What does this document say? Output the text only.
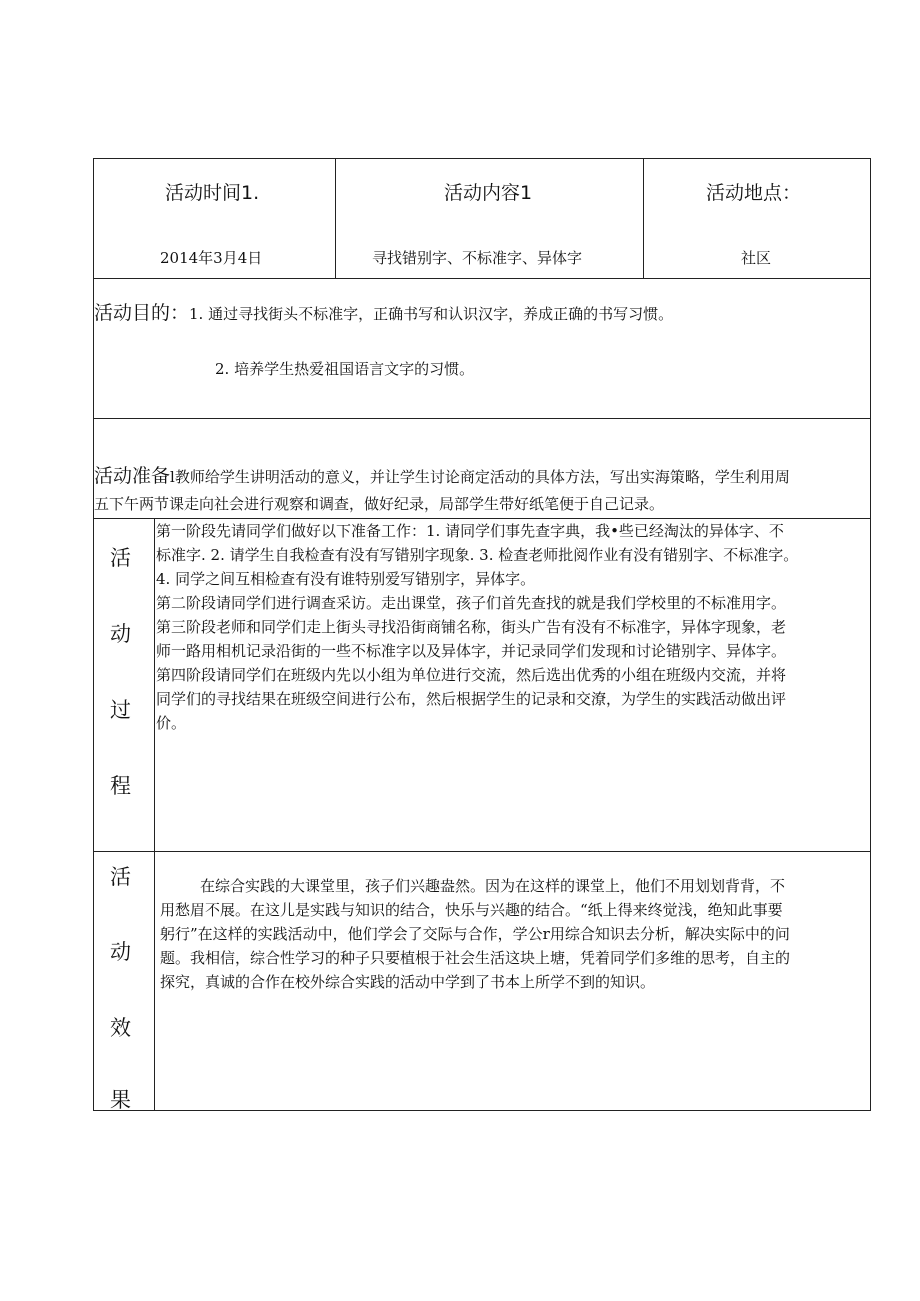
活动时间1.	活动内容1	活动地点：
2014年3月4日	寻找错别字、不标准字、异体字	社区
活动目的：1. 通过寻找街头不标准字，正确书写和认识汉字，养成正确的书写习惯。
2. 培养学生热爱祖国语言文字的习惯。
活动准备l教师给学生讲明活动的意义，并让学生讨论商定活动的具体方法，写出实海策略，学生利用周
五下午两节课走向社会进行观察和调查，做好纪录，局部学生带好纸笔便于自己记录。
活
动
过
程
第一阶段先请同学们做好以下准备工作：1. 请同学们事先查字典，我•些已经淘汰的异体字、不
标准字. 2. 请学生自我检查有没有写错别字现象. 3. 检查老师批阅作业有没有错别字、不标准字。
4. 同学之间互相检查有没有谁特别爱写错别字，异体字。
第二阶段请同学们进行调查采访。走出课堂，孩子们首先查找的就是我们学校里的不标准用字。
第三阶段老师和同学们走上街头寻找沿街商铺名称，街头广告有没有不标准字，异体字现象，老
师一路用相机记录沿街的一些不标准字以及异体字，并记录同学们发现和讨论错别字、异体字。
第四阶段请同学们在班级内先以小组为单位进行交流，然后选出优秀的小组在班级内交流，并将
同学们的寻找结果在班级空间进行公布，然后根据学生的记录和交潦，为学生的实践活动做出评
价。
活
动
效
果
在综合实践的大课堂里，孩子们兴趣盎然。因为在这样的课堂上，他们不用划划背背，不
用愁眉不展。在这儿是实践与知识的结合，快乐与兴趣的结合。“纸上得来终觉浅，绝知此事要
躬行”在这样的实践活动中，他们学会了交际与合作，学公r用综合知识去分析，解决实际中的问
题。我相信，综合性学习的种子只要植根于社会生活这块上塘，凭着同学们多维的思考，自主的
探究，真诚的合作在校外综合实践的活动中学到了书本上所学不到的知识。
